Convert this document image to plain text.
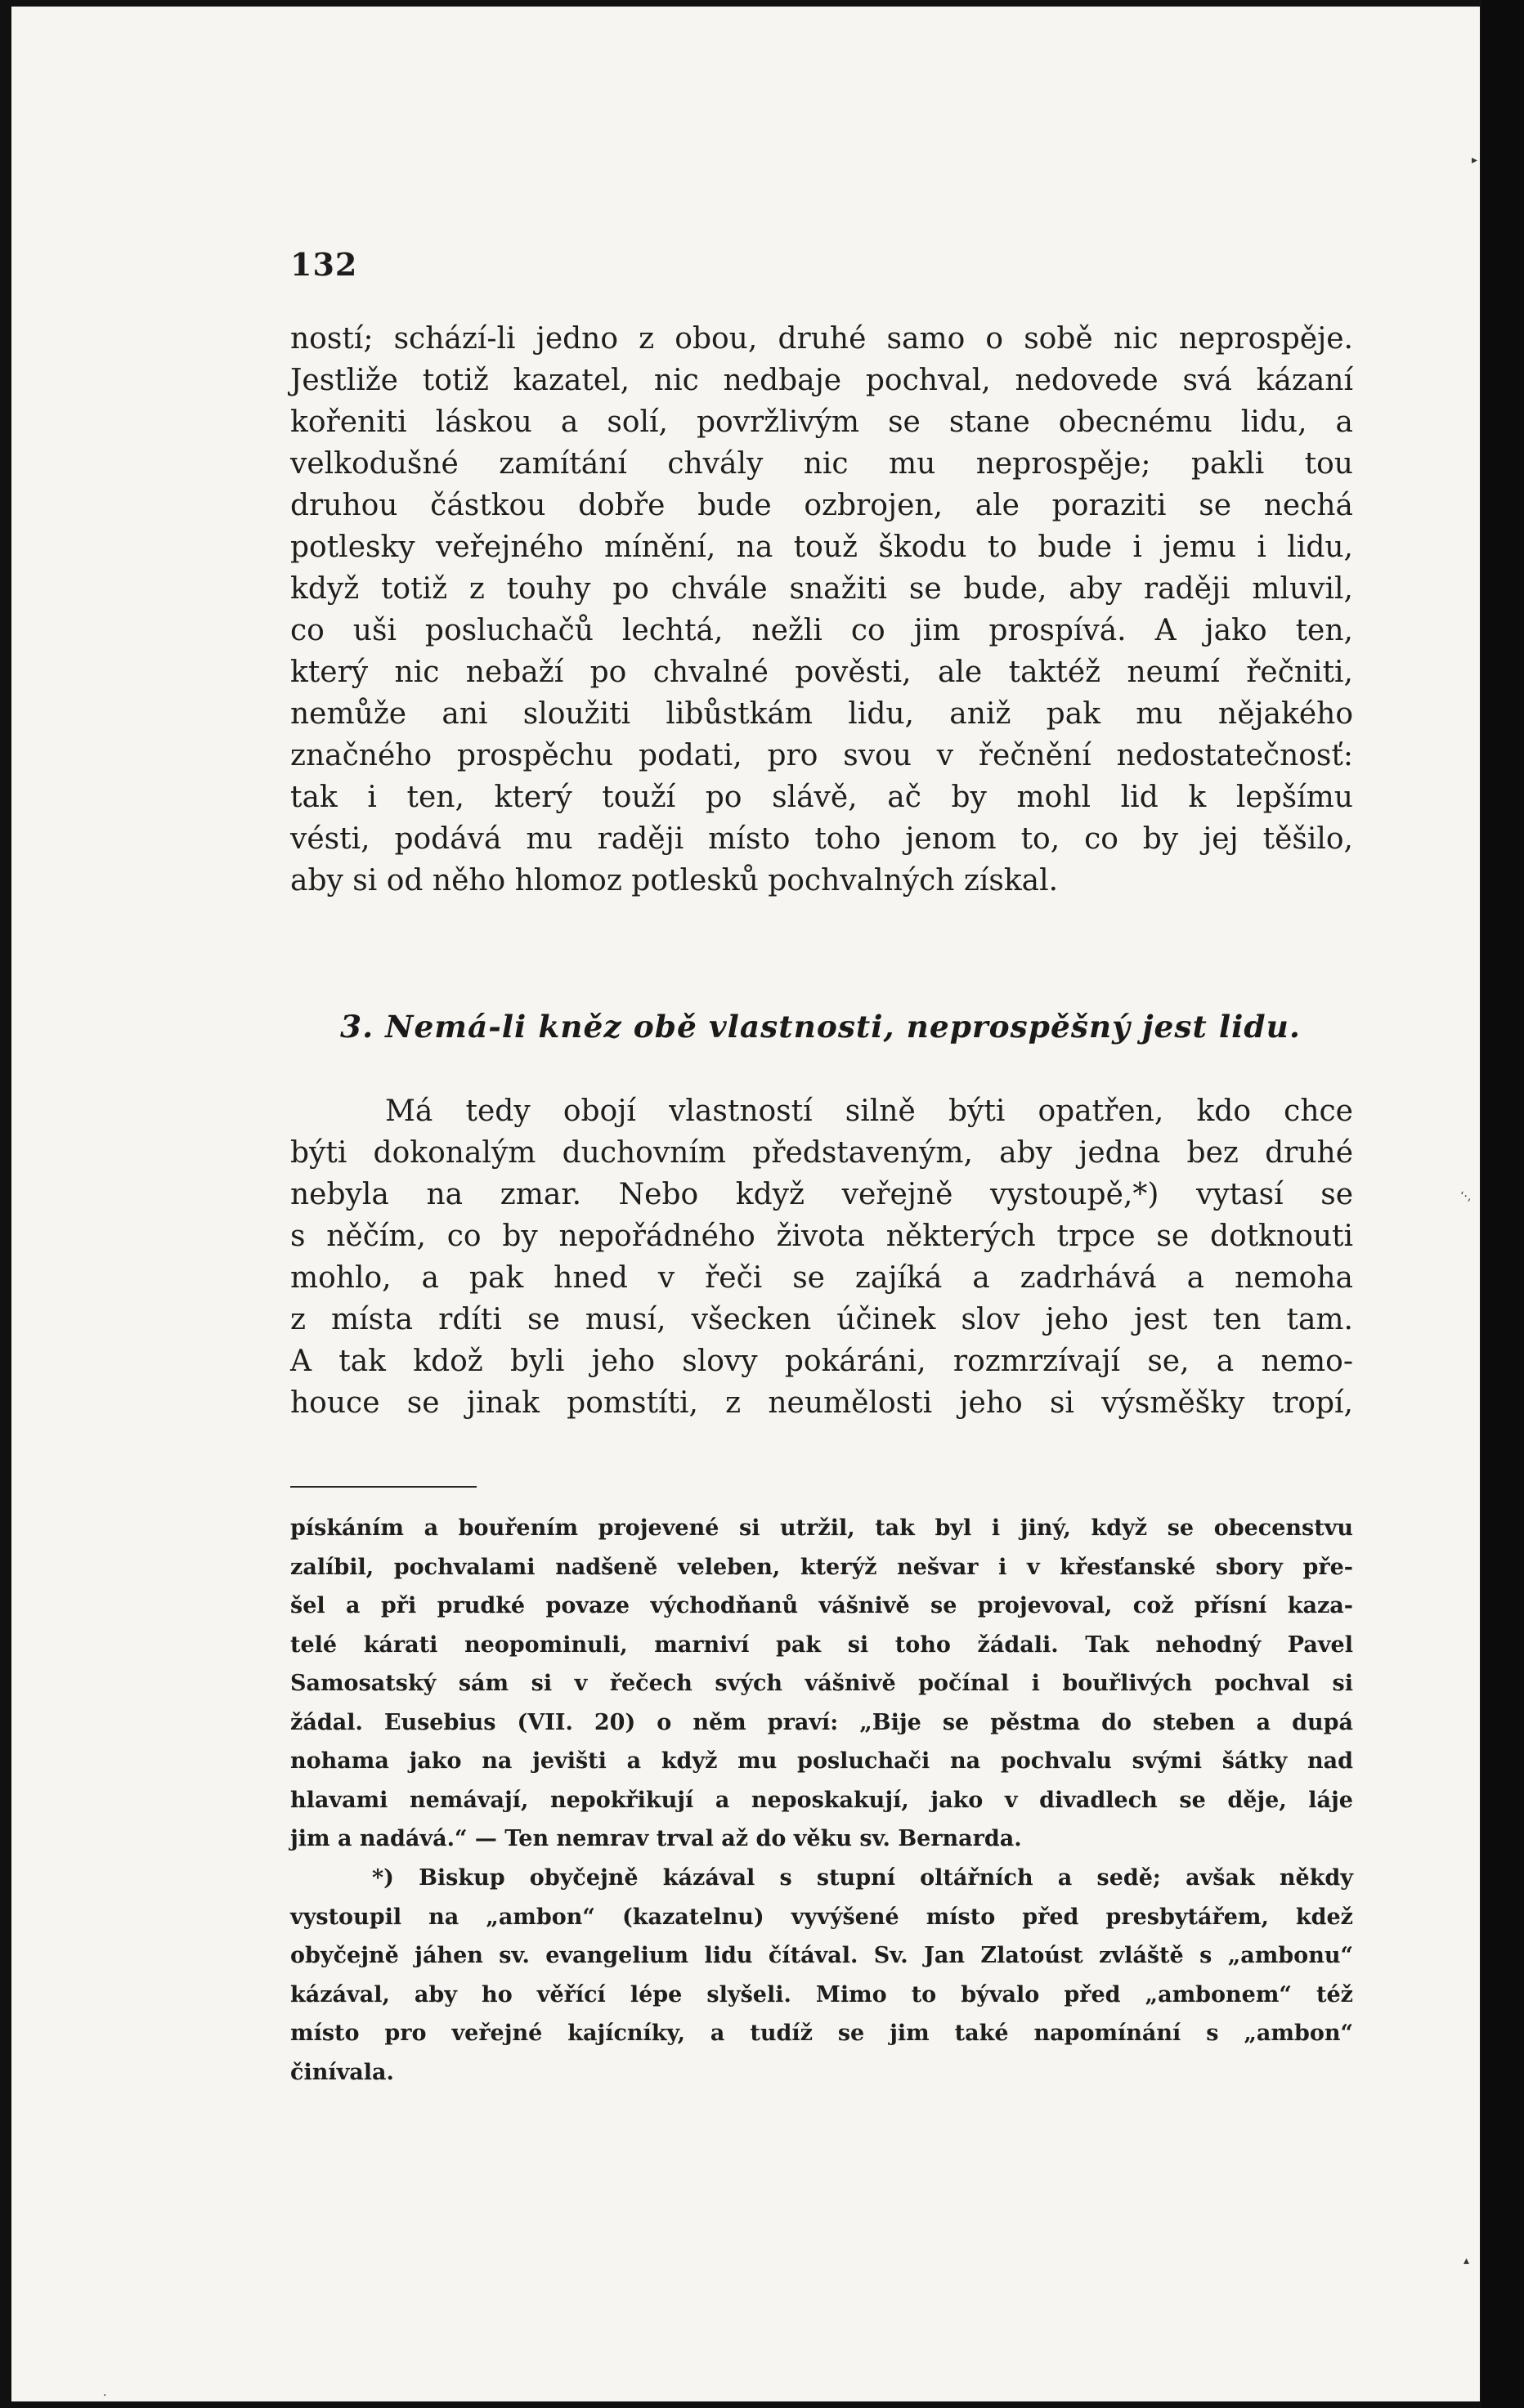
▸
‘·,
▴
·
132
ností; schází-li jedno z obou, druhé samo o sobě nic neprospěje.
Jestliže totiž kazatel, nic nedbaje pochval, nedovede svá kázaní
kořeniti láskou a solí, povržlivým se stane obecnému lidu, a
velkodušné zamítání chvály nic mu neprospěje; pakli tou
druhou částkou dobře bude ozbrojen, ale poraziti se nechá
potlesky veřejného mínění, na touž škodu to bude i jemu i lidu,
když totiž z touhy po chvále snažiti se bude, aby raději mluvil,
co uši posluchačů lechtá, nežli co jim prospívá. A jako ten,
který nic nebaží po chvalné pověsti, ale taktéž neumí řečniti,
nemůže ani sloužiti libůstkám lidu, aniž pak mu nějakého
značného prospěchu podati, pro svou v řečnění nedostatečnosť:
tak i ten, který touží po slávě, ač by mohl lid k lepšímu
vésti, podává mu raději místo toho jenom to, co by jej těšilo,
aby si od něho hlomoz potlesků pochvalných získal.
3. Nemá-li kněz obě vlastnosti, neprospěšný jest lidu.
Má tedy obojí vlastností silně býti opatřen, kdo chce
býti dokonalým duchovním představeným, aby jedna bez druhé
nebyla na zmar. Nebo když veřejně vystoupě,*) vytasí se
s něčím, co by nepořádného života některých trpce se dotknouti
mohlo, a pak hned v řeči se zajíká a zadrhává a nemoha
z místa rdíti se musí, všecken účinek slov jeho jest ten tam.
A tak kdož byli jeho slovy pokáráni, rozmrzívají se, a nemo-
houce se jinak pomstíti, z neumělosti jeho si výsměšky tropí,
pískáním a bouřením projevené si utržil, tak byl i jiný, když se obecenstvu
zalíbil, pochvalami nadšeně veleben, kterýž nešvar i v křesťanské sbory pře-
šel a při prudké povaze východňanů vášnivě se projevoval, což přísní kaza-
telé kárati neopominuli, marniví pak si toho žádali. Tak nehodný Pavel
Samosatský sám si v řečech svých vášnivě počínal i bouřlivých pochval si
žádal. Eusebius (VII. 20) o něm praví: „Bije se pěstma do steben a dupá
nohama jako na jevišti a když mu posluchači na pochvalu svými šátky nad
hlavami nemávají, nepokřikují a neposkakují, jako v divadlech se děje, láje
jim a nadává.“ — Ten nemrav trval až do věku sv. Bernarda.
*) Biskup obyčejně kázával s stupní oltářních a sedě; avšak někdy
vystoupil na „ambon“ (kazatelnu) vyvýšené místo před presbytářem, kdež
obyčejně jáhen sv. evangelium lidu čítával. Sv. Jan Zlatoúst zvláště s „ambonu“
kázával, aby ho věřící lépe slyšeli. Mimo to bývalo před „ambonem“ též
místo pro veřejné kajícníky, a tudíž se jim také napomínání s „ambon“
činívala.
